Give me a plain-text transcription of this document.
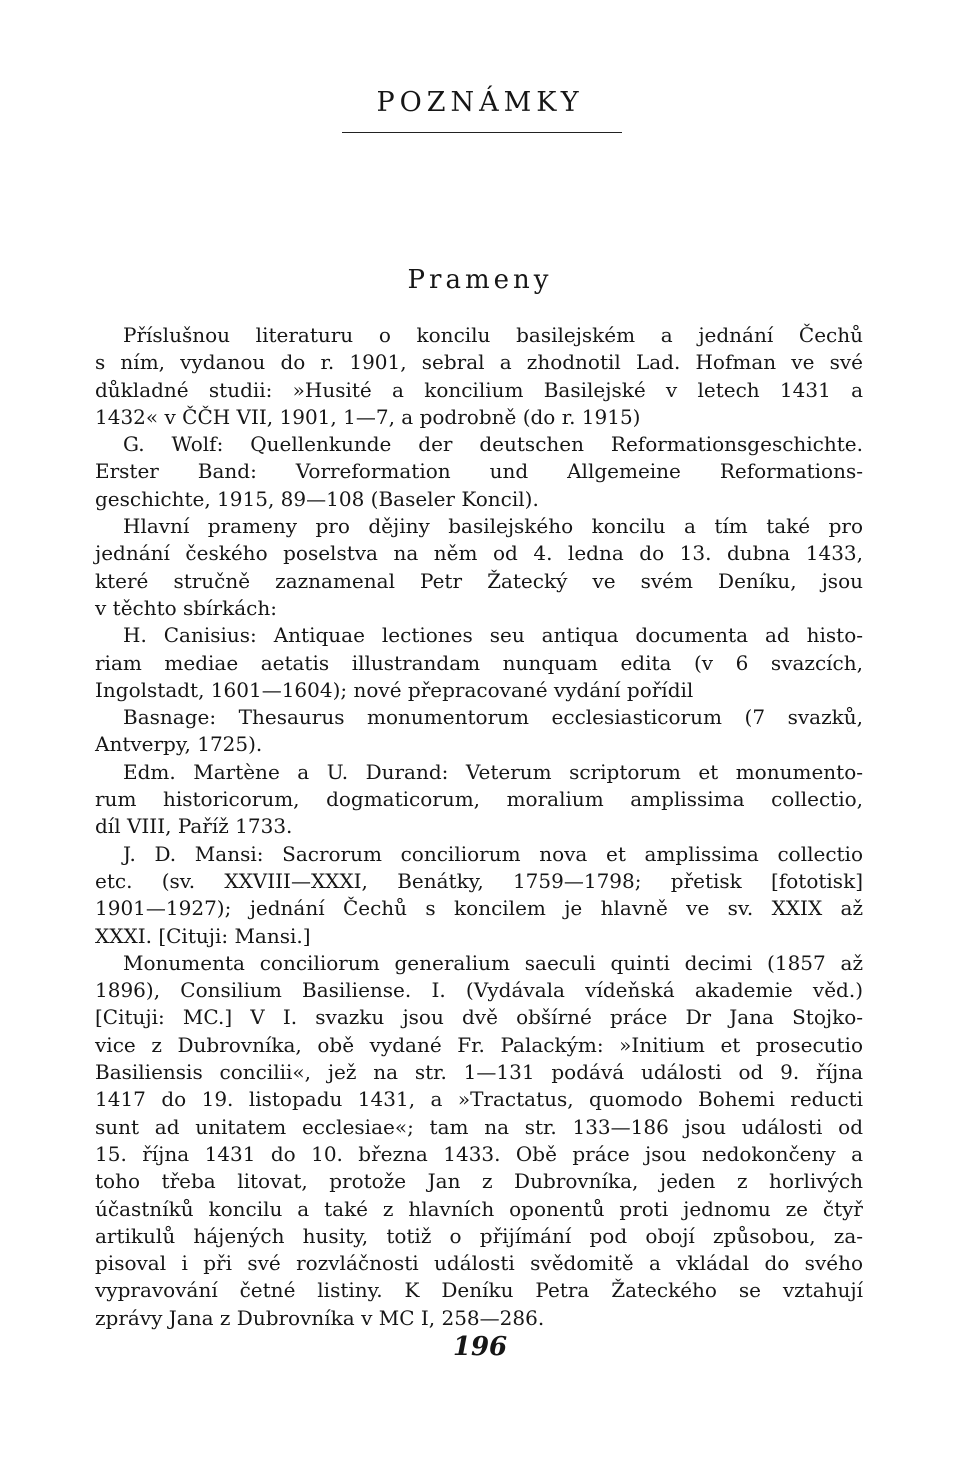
POZNÁMKY
Prameny
Příslušnou literaturu o koncilu basilejském a jednání Čechů
s ním, vydanou do r. 1901, sebral a zhodnotil Lad. Hofman ve své
důkladné studii: »Husité a koncilium Basilejské v letech 1431 a
1432« v ČČH VII, 1901, 1—7, a podrobně (do r. 1915)
G. Wolf: Quellenkunde der deutschen Reformationsgeschichte.
Erster Band: Vorreformation und Allgemeine Reformations-
geschichte, 1915, 89—108 (Baseler Koncil).
Hlavní prameny pro dějiny basilejského koncilu a tím také pro
jednání českého poselstva na něm od 4. ledna do 13. dubna 1433,
které stručně zaznamenal Petr Žatecký ve svém Deníku, jsou
v těchto sbírkách:
H. Canisius: Antiquae lectiones seu antiqua documenta ad histo-
riam mediae aetatis illustrandam nunquam edita (v 6 svazcích,
Ingolstadt, 1601—1604); nové přepracované vydání pořídil
Basnage: Thesaurus monumentorum ecclesiasticorum (7 svazků,
Antverpy, 1725).
Edm. Martène a U. Durand: Veterum scriptorum et monumento-
rum historicorum, dogmaticorum, moralium amplissima collectio,
díl VIII, Paříž 1733.
J. D. Mansi: Sacrorum conciliorum nova et amplissima collectio
etc. (sv. XXVIII—XXXI, Benátky, 1759—1798; přetisk [fototisk]
1901—1927); jednání Čechů s koncilem je hlavně ve sv. XXIX až
XXXI. [Cituji: Mansi.]
Monumenta conciliorum generalium saeculi quinti decimi (1857 až
1896), Consilium Basiliense. I. (Vydávala vídeňská akademie věd.)
[Cituji: MC.] V I. svazku jsou dvě obšírné práce Dr Jana Stojko-
vice z Dubrovníka, obě vydané Fr. Palackým: »Initium et prosecutio
Basiliensis concilii«, jež na str. 1—131 podává události od 9. října
1417 do 19. listopadu 1431, a »Tractatus, quomodo Bohemi reducti
sunt ad unitatem ecclesiae«; tam na str. 133—186 jsou události od
15. října 1431 do 10. března 1433. Obě práce jsou nedokončeny a
toho třeba litovat, protože Jan z Dubrovníka, jeden z horlivých
účastníků koncilu a také z hlavních oponentů proti jednomu ze čtyř
artikulů hájených husity, totiž o přijímání pod obojí způsobou, za-
pisoval i při své rozvláčnosti události svědomitě a vkládal do svého
vypravování četné listiny. K Deníku Petra Žateckého se vztahují
zprávy Jana z Dubrovníka v MC I, 258—286.
196
